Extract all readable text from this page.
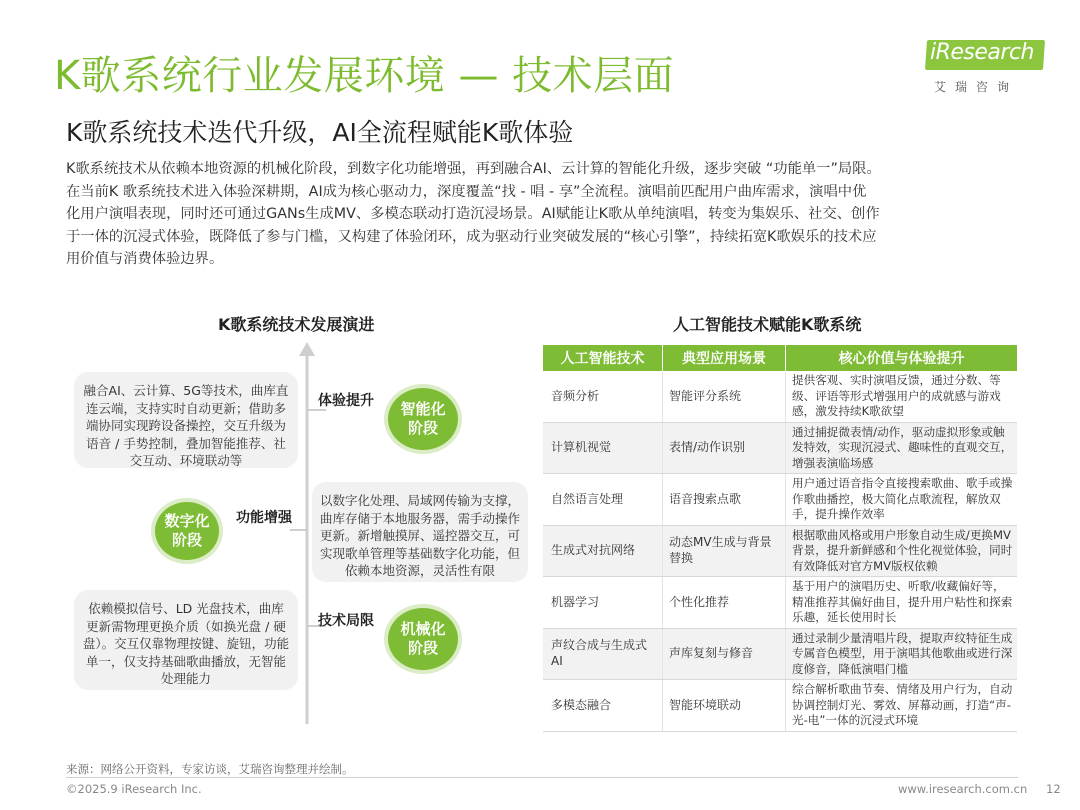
K歌系统行业发展环境 — 技术层面
iResearch
艾瑞咨询
K歌系统技术迭代升级，AI全流程赋能K歌体验

K歌系统技术从依赖本地资源的机械化阶段，到数字化功能增强，再到融合AI、云计算的智能化升级，逐步突破 “功能单一”局限。

在当前K 歌系统技术进入体验深耕期，AI成为核心驱动力，深度覆盖“找 - 唱 - 享”全流程。演唱前匹配用户曲库需求，演唱中优

化用户演唱表现，同时还可通过GANs生成MV、多模态联动打造沉浸场景。AI赋能让K歌从单纯演唱，转变为集娱乐、社交、创作

于一体的沉浸式体验，既降低了参与门槛，又构建了体验闭环，成为驱动行业突破发展的“核心引擎”，持续拓宽K歌娱乐的技术应

用价值与消费体验边界。

K歌系统技术发展演进
融合AI、云计算、5G等技术，曲库直连云端，支持实时自动更新；借助多端协同实现跨设备操控，交互升级为语音 / 手势控制，叠加智能推荐、社交互动、环境联动等
体验提升	智能化
阶段
数字化
阶段
功能增强
以数字化处理、局域网传输为支撑，曲库存储于本地服务器，需手动操作更新。新增触摸屏、遥控器交互，可实现歌单管理等基础数字化功能，但依赖本地资源，灵活性有限
依赖模拟信号、LD 光盘技术，曲库更新需物理更换介质（如换光盘 / 硬盘）。交互仅靠物理按键、旋钮，功能单一，仅支持基础歌曲播放，无智能处理能力
技术局限	机械化
阶段
人工智能技术赋能K歌系统
人工智能技术	典型应用场景	核心价值与体验提升
音频分析	智能评分系统	提供客观、实时演唱反馈，通过分数、等级、评语等形式增强用户的成就感与游戏感，激发持续K歌欲望
计算机视觉	表情/动作识别	通过捕捉微表情/动作，驱动虚拟形象或触发特效，实现沉浸式、趣味性的直观交互，增强表演临场感
自然语言处理	语音搜索点歌	用户通过语音指令直接搜索歌曲、歌手或操作歌曲播控，极大简化点歌流程，解放双手，提升操作效率
生成式对抗网络	动态MV生成与背景替换	根据歌曲风格或用户形象自动生成/更换MV背景，提升新鲜感和个性化视觉体验，同时有效降低对官方MV版权依赖
机器学习	个性化推荐	基于用户的演唱历史、听歌/收藏偏好等，精准推荐其偏好曲目，提升用户粘性和探索乐趣，延长使用时长
声纹合成与生成式AI	声库复刻与修音	通过录制少量清唱片段，提取声纹特征生成专属音色模型，用于演唱其他歌曲或进行深度修音，降低演唱门槛
多模态融合	智能环境联动	综合解析歌曲节奏、情绪及用户行为，自动协调控制灯光、雾效、屏幕动画，打造“声-光-电”一体的沉浸式环境
来源：网络公开资料，专家访谈，艾瑞咨询整理并绘制。
©2025.9 iResearch Inc.	www.iresearch.com.cn 12
